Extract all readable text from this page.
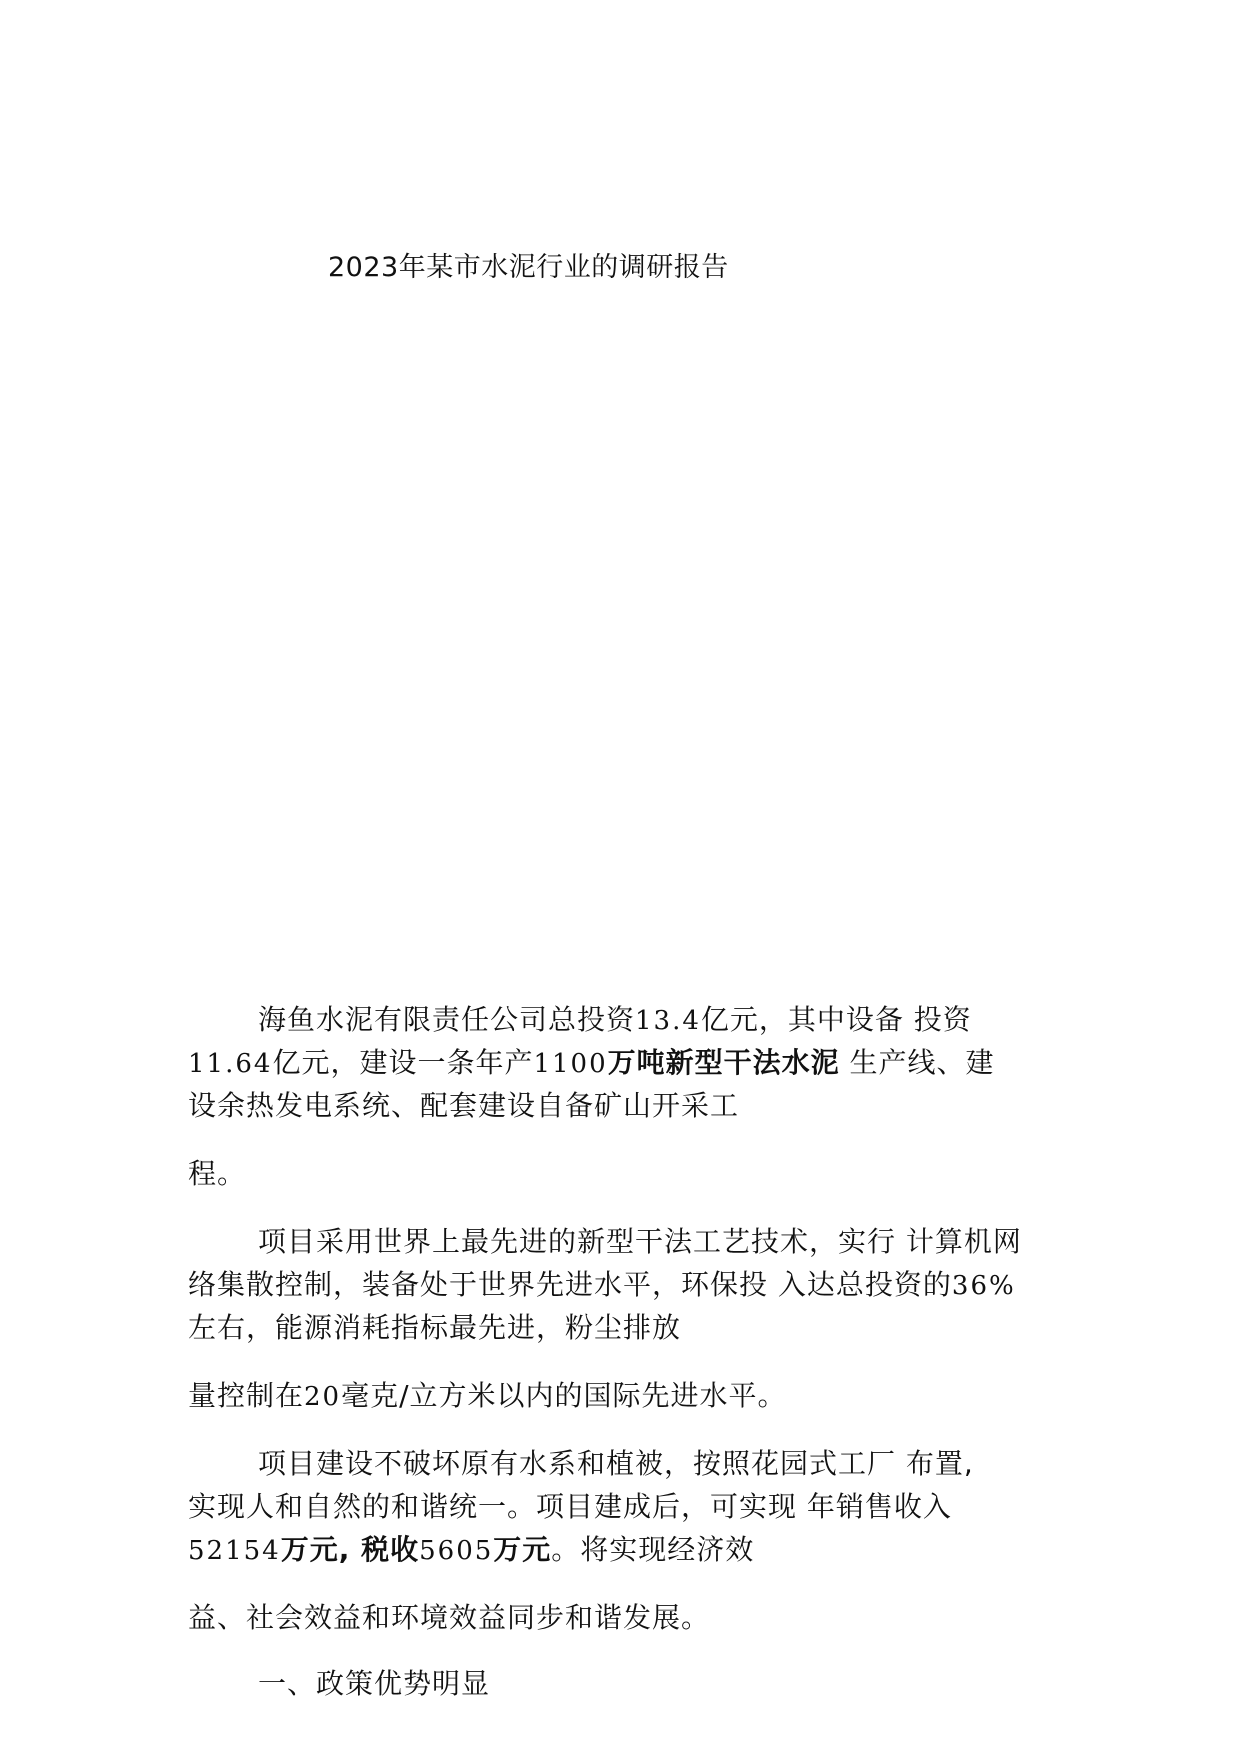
2023年某市水泥行业的调研报告
海鱼水泥有限责任公司总投资13.4亿元，其中设备 投资
11.64亿元，建设一条年产1100万吨新型干法水泥 生产线、建
设余热发电系统、配套建设自备矿山开采工
程。
项目采用世界上最先进的新型干法工艺技术，实行 计算机网
络集散控制，装备处于世界先进水平，环保投 入达总投资的36%
左右，能源消耗指标最先进，粉尘排放
量控制在20毫克/立方米以内的国际先进水平。
项目建设不破坏原有水系和植被，按照花园式工厂 布置,
实现人和自然的和谐统一。项目建成后，可实现 年销售收入
52154万元, 税收5605万元。将实现经济效
益、社会效益和环境效益同步和谐发展。
一、政策优势明显
